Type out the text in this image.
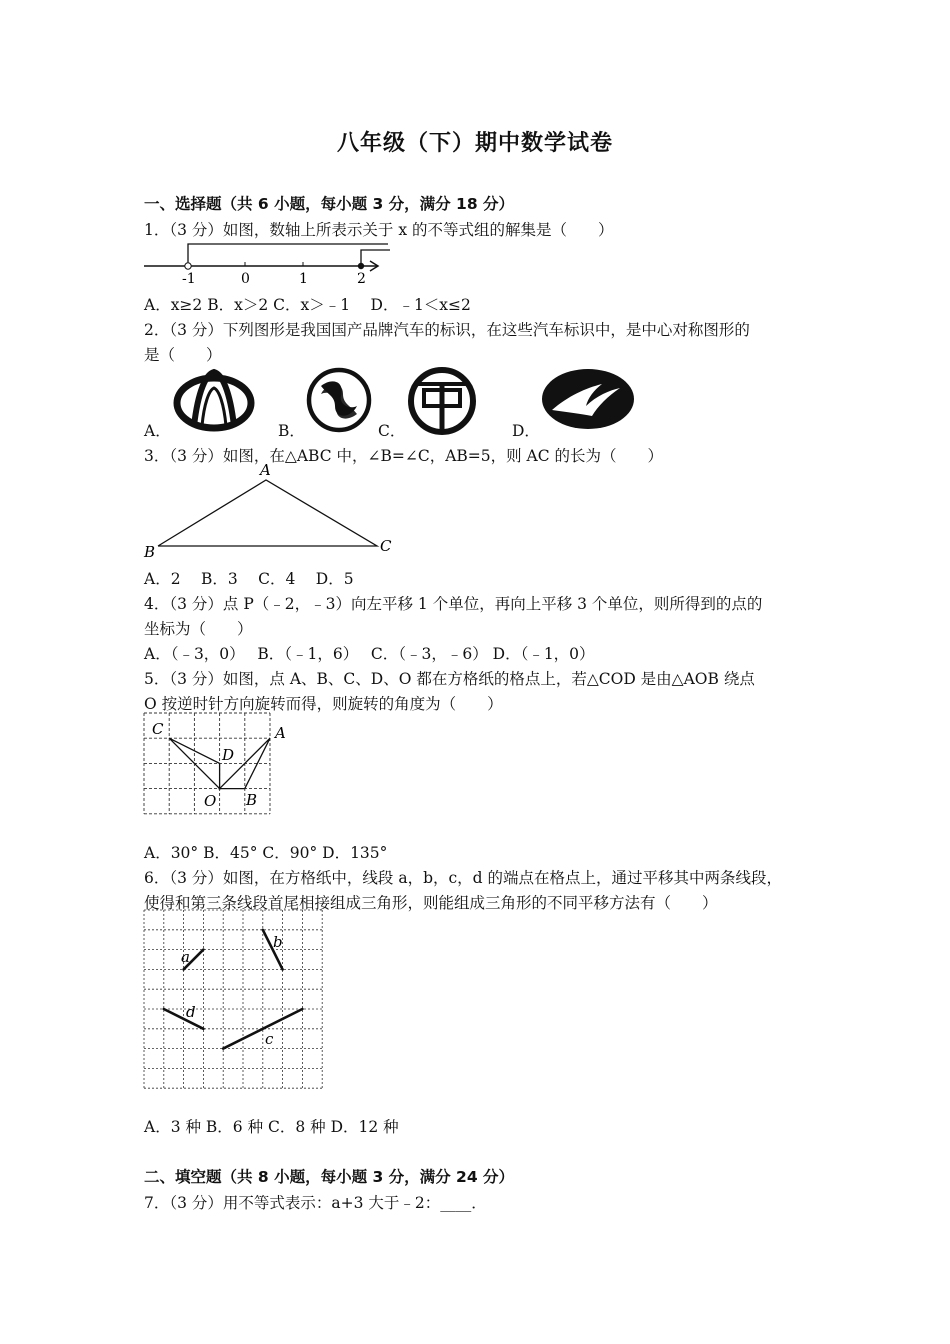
八年级（下）期中数学试卷
一、选择题（共 6 小题，每小题 3 分，满分 18 分）
1．（3 分）如图，数轴上所表示关于 x 的不等式组的解集是（　　）
-1	0	1	2
A．x≥2 B．x＞2 C．x＞﹣1　 D．﹣1＜x≤2
2．（3 分）下列图形是我国国产品牌汽车的标识，在这些汽车标识中，是中心对称图形的
是（　　）
A．	B．	C．	D．
3．（3 分）如图，在△ABC 中，∠B=∠C，AB=5，则 AC 的长为（　　）
A
B	C
A．2　 B．3　 C．4　 D．5
4．（3 分）点 P（﹣2，﹣3）向左平移 1 个单位，再向上平移 3 个单位，则所得到的点的
坐标为（　　）
A．（﹣3，0）　 B．（﹣1，6）　 C．（﹣3，﹣6） D．（﹣1，0）
5．（3 分）如图，点 A、B、C、D、O 都在方格纸的格点上，若△COD 是由△AOB 绕点
O 按逆时针方向旋转而得，则旋转的角度为（　　）
C	A
D
O B
A．30° B．45° C．90° D．135°
6．（3 分）如图，在方格纸中，线段 a，b，c，d 的端点在格点上，通过平移其中两条线段，
使得和第三条线段首尾相接组成三角形，则能组成三角形的不同平移方法有（　　）
a
b
c
d
A．3 种 B．6 种 C．8 种 D．12 种
二、填空题（共 8 小题，每小题 3 分，满分 24 分）
7．（3 分）用不等式表示：a+3 大于﹣2：____．
